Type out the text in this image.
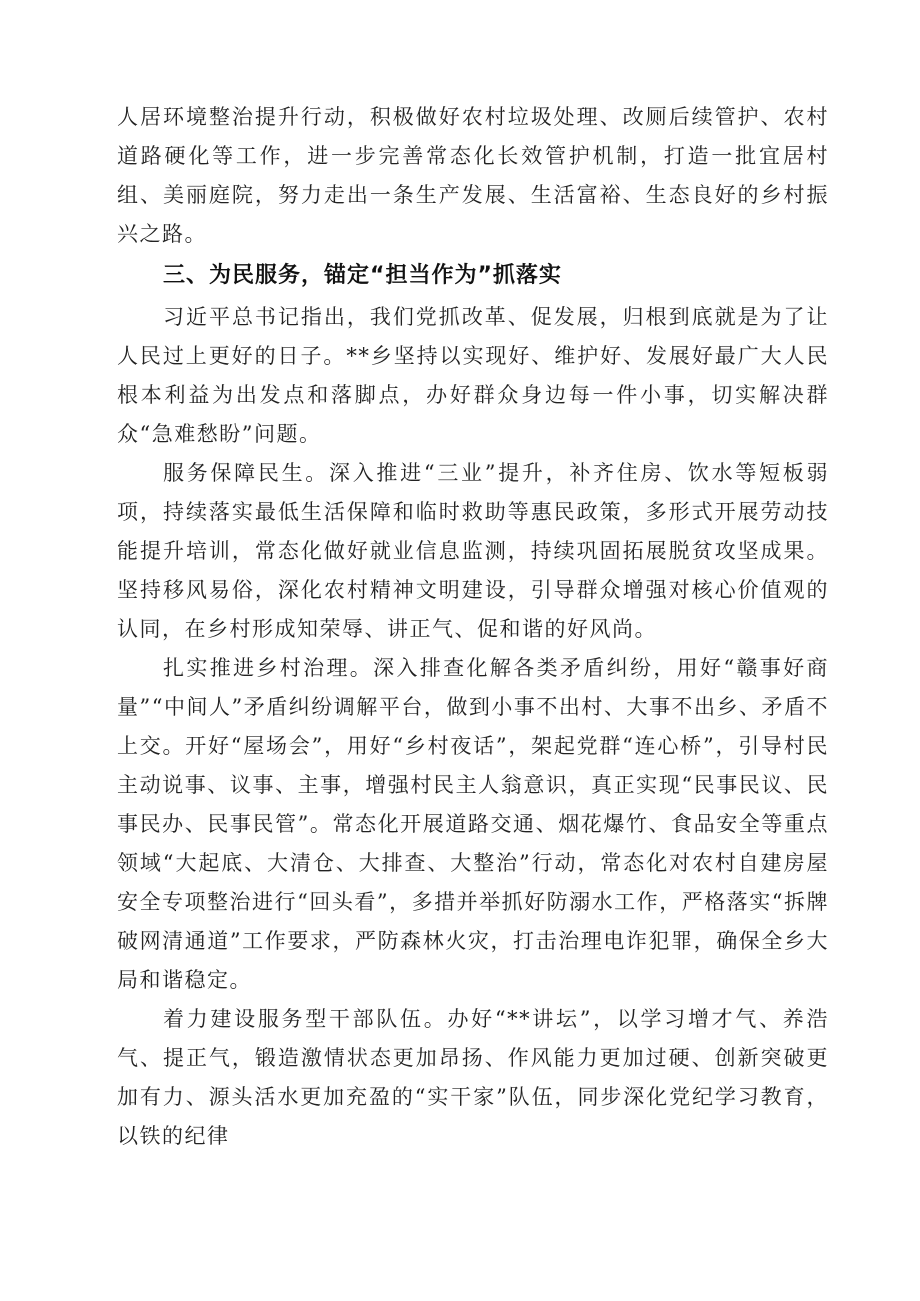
人居环境整治提升行动，积极做好农村垃圾处理、改厕后续管护、农村道路硬化等工作，进一步完善常态化长效管护机制，打造一批宜居村组、美丽庭院，努力走出一条生产发展、生活富裕、生态良好的乡村振兴之路。

三、为民服务，锚定“担当作为”抓落实

习近平总书记指出，我们党抓改革、促发展，归根到底就是为了让人民过上更好的日子。**乡坚持以实现好、维护好、发展好最广大人民根本利益为出发点和落脚点，办好群众身边每一件小事，切实解决群众“急难愁盼”问题。

服务保障民生。深入推进“三业”提升，补齐住房、饮水等短板弱项，持续落实最低生活保障和临时救助等惠民政策，多形式开展劳动技能提升培训，常态化做好就业信息监测，持续巩固拓展脱贫攻坚成果。坚持移风易俗，深化农村精神文明建设，引导群众增强对核心价值观的认同，在乡村形成知荣辱、讲正气、促和谐的好风尚。

扎实推进乡村治理。深入排查化解各类矛盾纠纷，用好“赣事好商量”“中间人”矛盾纠纷调解平台，做到小事不出村、大事不出乡、矛盾不上交。开好“屋场会”，用好“乡村夜话”，架起党群“连心桥”，引导村民主动说事、议事、主事，增强村民主人翁意识，真正实现“民事民议、民事民办、民事民管”。常态化开展道路交通、烟花爆竹、食品安全等重点领域“大起底、大清仓、大排查、大整治”行动，常态化对农村自建房屋安全专项整治进行“回头看”，多措并举抓好防溺水工作，严格落实“拆牌破网清通道”工作要求，严防森林火灾，打击治理电诈犯罪，确保全乡大局和谐稳定。

着力建设服务型干部队伍。办好“**讲坛”，以学习增才气、养浩气、提正气，锻造激情状态更加昂扬、作风能力更加过硬、创新突破更加有力、源头活水更加充盈的“实干家”队伍，同步深化党纪学习教育，以铁的纪律
